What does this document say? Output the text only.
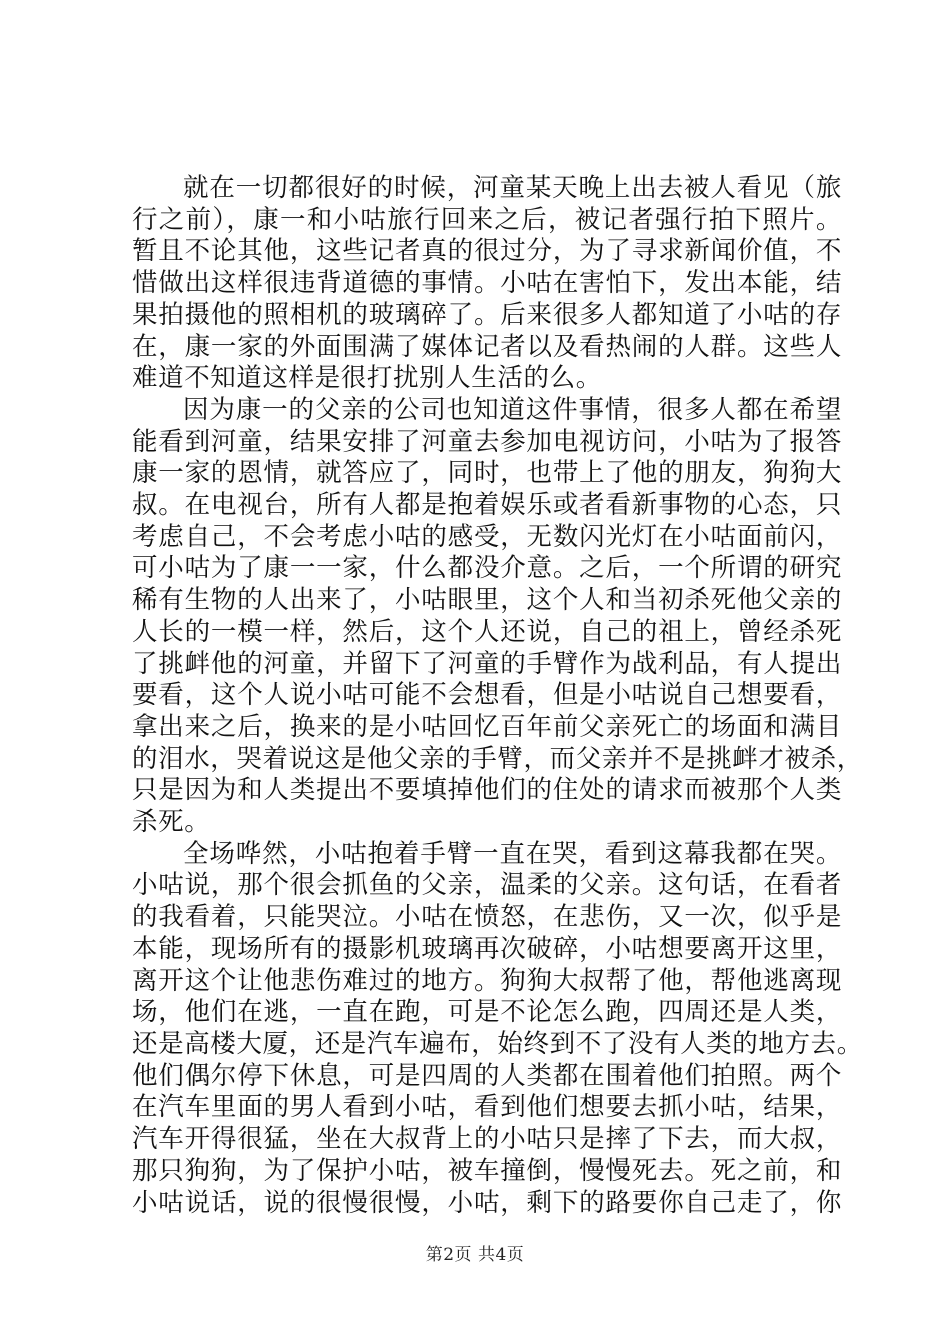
就在一切都很好的时候，河童某天晚上出去被人看见（旅
行之前），康一和小咕旅行回来之后，被记者强行拍下照片。
暂且不论其他，这些记者真的很过分，为了寻求新闻价值，不
惜做出这样很违背道德的事情。小咕在害怕下，发出本能，结
果拍摄他的照相机的玻璃碎了。后来很多人都知道了小咕的存
在，康一家的外面围满了媒体记者以及看热闹的人群。这些人
难道不知道这样是很打扰别人生活的么。

因为康一的父亲的公司也知道这件事情，很多人都在希望
能看到河童，结果安排了河童去参加电视访问，小咕为了报答
康一家的恩情，就答应了，同时，也带上了他的朋友，狗狗大
叔。在电视台，所有人都是抱着娱乐或者看新事物的心态，只
考虑自己，不会考虑小咕的感受，无数闪光灯在小咕面前闪，
可小咕为了康一一家，什么都没介意。之后，一个所谓的研究
稀有生物的人出来了，小咕眼里，这个人和当初杀死他父亲的
人长的一模一样，然后，这个人还说，自己的祖上，曾经杀死
了挑衅他的河童，并留下了河童的手臂作为战利品，有人提出
要看，这个人说小咕可能不会想看，但是小咕说自己想要看，
拿出来之后，换来的是小咕回忆百年前父亲死亡的场面和满目
的泪水，哭着说这是他父亲的手臂，而父亲并不是挑衅才被杀，
只是因为和人类提出不要填掉他们的住处的请求而被那个人类
杀死。

全场哗然，小咕抱着手臂一直在哭，看到这幕我都在哭。
小咕说，那个很会抓鱼的父亲，温柔的父亲。这句话，在看者
的我看着，只能哭泣。小咕在愤怒，在悲伤，又一次，似乎是
本能，现场所有的摄影机玻璃再次破碎，小咕想要离开这里，
离开这个让他悲伤难过的地方。狗狗大叔帮了他，帮他逃离现
场，他们在逃，一直在跑，可是不论怎么跑，四周还是人类，
还是高楼大厦，还是汽车遍布，始终到不了没有人类的地方去。
他们偶尔停下休息，可是四周的人类都在围着他们拍照。两个
在汽车里面的男人看到小咕，看到他们想要去抓小咕，结果，
汽车开得很猛，坐在大叔背上的小咕只是摔了下去，而大叔，
那只狗狗，为了保护小咕，被车撞倒，慢慢死去。死之前，和
小咕说话，说的很慢很慢，小咕，剩下的路要你自己走了，你

第2页 共4页
